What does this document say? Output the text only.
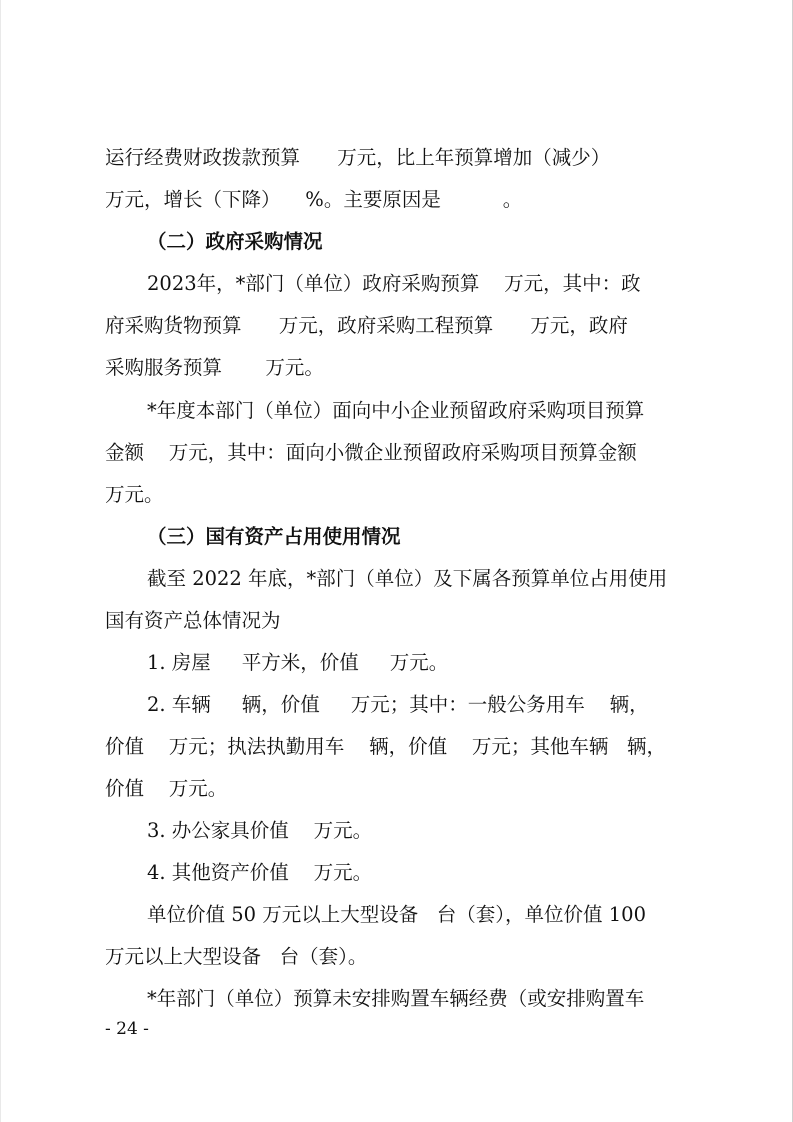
运行经费财政拨款预算      万元，比上年预算增加（减少）
万元，增长（下降）    %。主要原因是          。
（二）政府采购情况
2023年，*部门（单位）政府采购预算    万元，其中：政
府采购货物预算      万元，政府采购工程预算      万元，政府
采购服务预算       万元。
*年度本部门（单位）面向中小企业预留政府采购项目预算
金额    万元，其中：面向小微企业预留政府采购项目预算金额
万元。
（三）国有资产占用使用情况
截至 2022 年底，*部门（单位）及下属各预算单位占用使用
国有资产总体情况为
1. 房屋     平方米，价值     万元。
2. 车辆     辆，价值     万元；其中：一般公务用车    辆，
价值    万元；执法执勤用车    辆，价值    万元；其他车辆   辆，
价值    万元。
3. 办公家具价值    万元。
4. 其他资产价值    万元。
单位价值 50 万元以上大型设备   台（套），单位价值 100
万元以上大型设备   台（套）。
*年部门（单位）预算未安排购置车辆经费（或安排购置车
- 24 -
